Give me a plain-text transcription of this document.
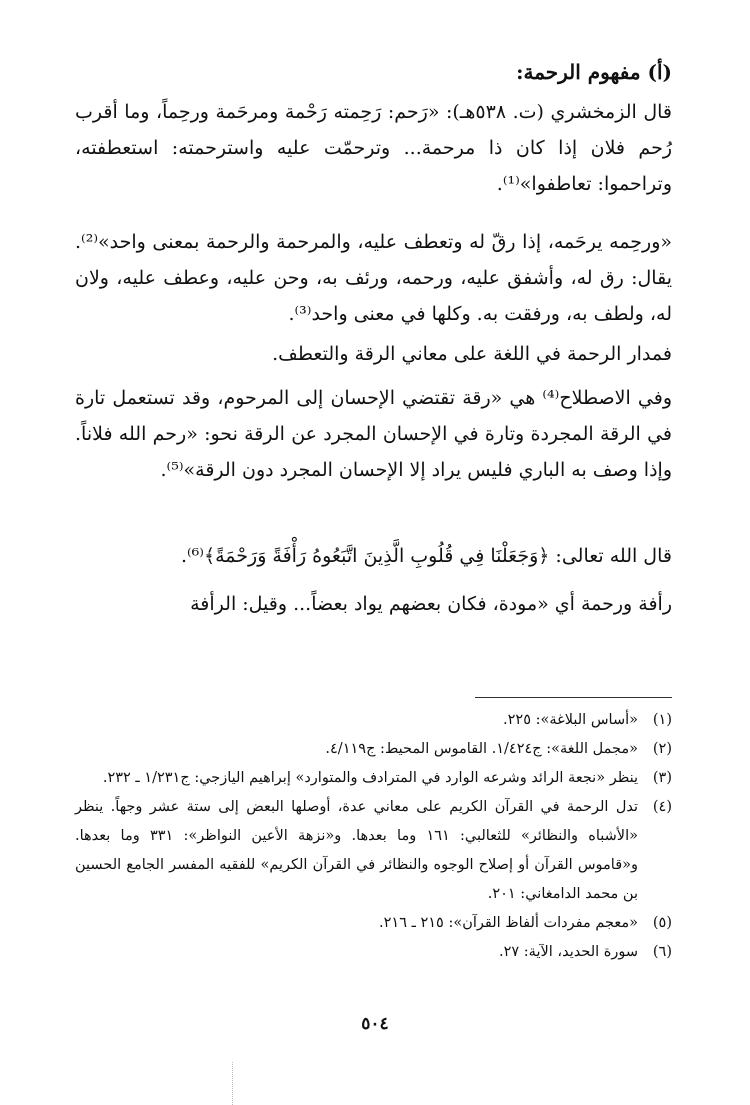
(أ) مفهوم الرحمة:

قال الزمخشري (ت. ٥٣٨هـ): «رَحم: رَحِمته رَحْمة ومرحَمة ورحِماً، وما أقرب رُحم فلان إذا كان ذا مرحمة... وترحمّت عليه واسترحمته: استعطفته، وتراحموا: تعاطفوا»⁽¹⁾.

«ورحِمه يرحَمه، إذا رقّ له وتعطف عليه، والمرحمة والرحمة بمعنى واحد»⁽²⁾. يقال: رق له، وأشفق عليه، ورحمه، ورئف به، وحن عليه، وعطف عليه، ولان له، ولطف به، ورفقت به. وكلها في معنى واحد⁽³⁾.

فمدار الرحمة في اللغة على معاني الرقة والتعطف.

وفي الاصطلاح⁽⁴⁾ هي «رقة تقتضي الإحسان إلى المرحوم، وقد تستعمل تارة في الرقة المجردة وتارة في الإحسان المجرد عن الرقة نحو: «رحم الله فلاناً. وإذا وصف به الباري فليس يراد إلا الإحسان المجرد دون الرقة»⁽⁵⁾.

قال الله تعالى: ﴿وَجَعَلْنَا فِي قُلُوبِ الَّذِينَ اتَّبَعُوهُ رَأْفَةً وَرَحْمَةً﴾⁽⁶⁾.

رأفة ورحمة أي «مودة، فكان بعضهم يواد بعضاً... وقيل: الرأفة

(١)
«أساس البلاغة»: ٢٢٥.
(٢)
«مجمل اللغة»: ج١/٤٢٤. القاموس المحيط: ج٤/١١٩.
(٣)
ينظر «نجعة الرائد وشرعه الوارد في المترادف والمتوارد» إبراهيم اليازجي: ج١/٢٣١ ـ ٢٣٢.
(٤)
تدل الرحمة في القرآن الكريم على معاني عدة، أوصلها البعض إلى ستة عشر وجهاً. ينظر «الأشباه والنظائر» للثعالبي: ١٦١ وما بعدها. و«نزهة الأعين النواظر»: ٣٣١ وما بعدها. و«قاموس القرآن أو إصلاح الوجوه والنظائر في القرآن الكريم» للفقيه المفسر الجامع الحسين بن محمد الدامغاني: ٢٠١.
(٥)
«معجم مفردات ألفاظ القرآن»: ٢١٥ ـ ٢١٦.
(٦)
سورة الحديد، الآية: ٢٧.
٥٠٤
